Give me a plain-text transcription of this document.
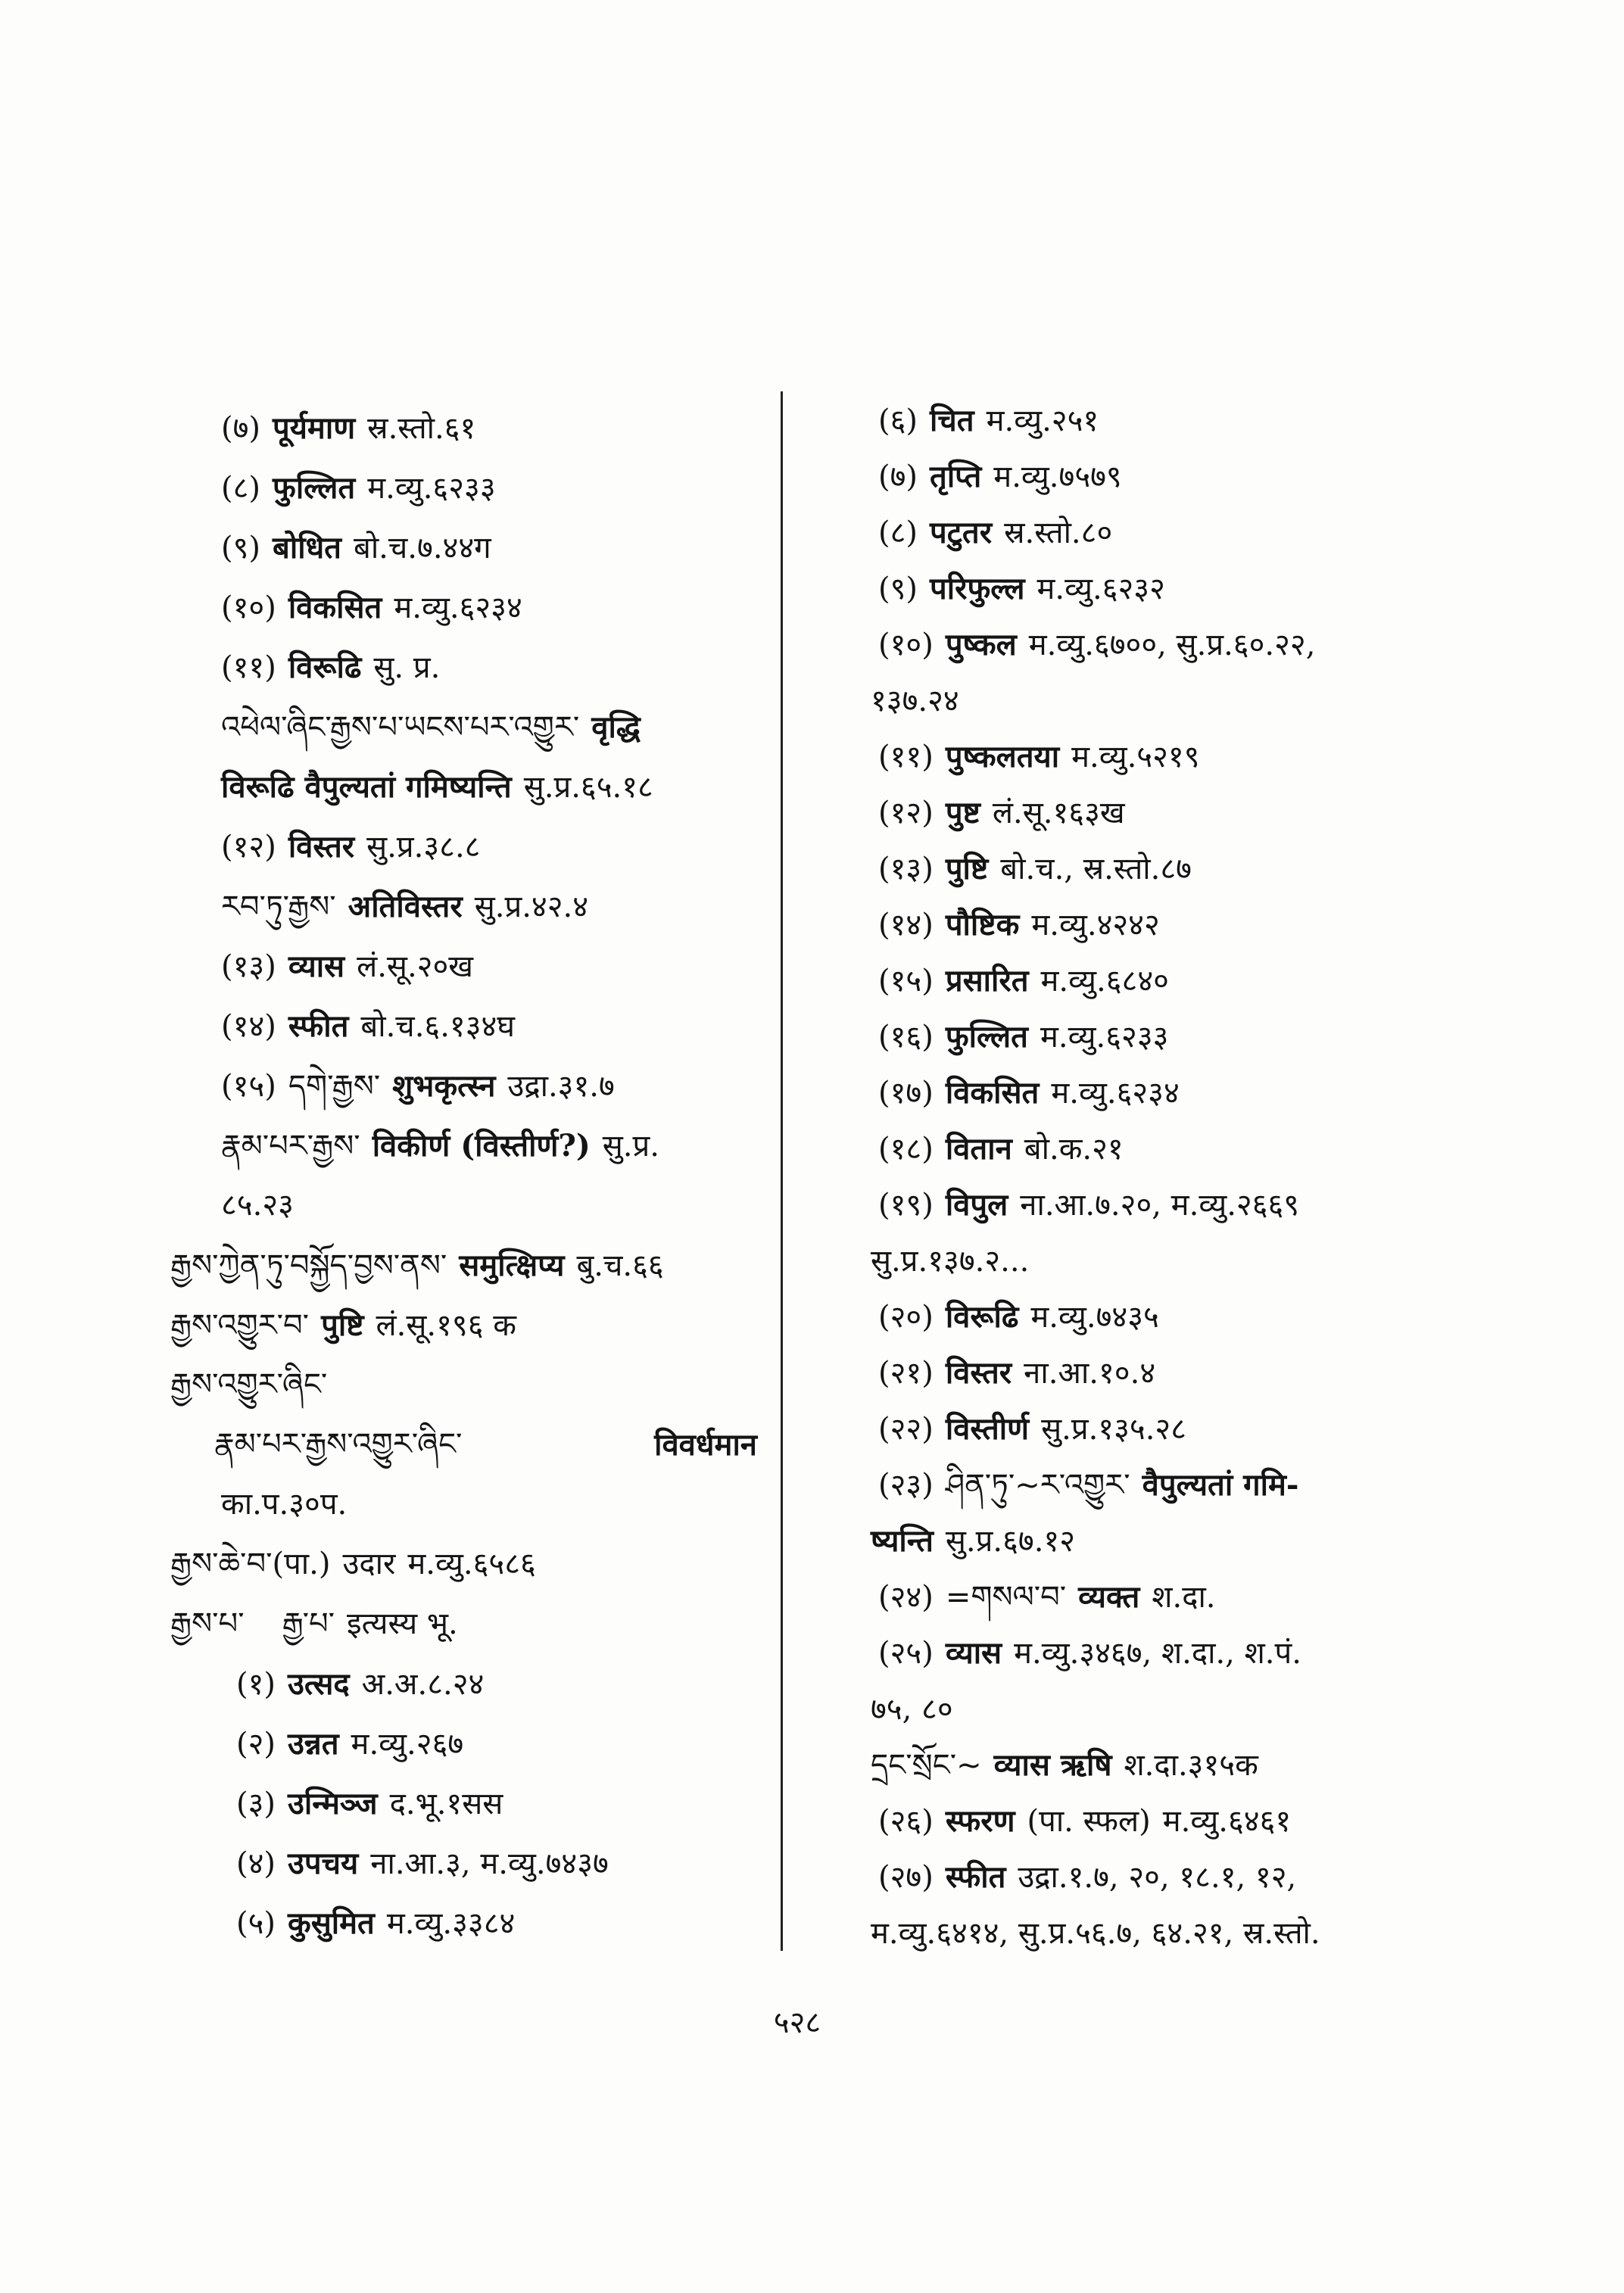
(७) पूर्यमाण स्र.स्तो.६१
(८) फुल्लित म.व्यु.६२३३
(९) बोधित बो.च.७.४४ग
(१०) विकसित म.व्यु.६२३४
(११) विरूढि सु. प्र.
འཕེལ་ཞིང་རྒྱས་པ་ཡངས་པར་འགྱུར་ वृद्धि
विरूढि वैपुल्यतां गमिष्यन्ति सु.प्र.६५.१८
(१२) विस्तर सु.प्र.३८.८
རབ་ཏུ་རྒྱས་ अतिविस्तर सु.प्र.४२.४
(१३) व्यास लं.सू.२०ख
(१४) स्फीत बो.च.६.१३४घ
(१५) དགེ་རྒྱས་ शुभकृत्स्न उद्रा.३१.७
རྣམ་པར་རྒྱས་ विकीर्ण (विस्तीर्ण?) सु.प्र.
८५.२३
རྒྱས་ཀྱེན་ཏུ་བསྐྱོད་བྱས་ནས་ समुत्क्षिप्य बु.च.६६
རྒྱས་འགྱུར་བ་ पुष्टि लं.सू.१९६ क
རྒྱས་འགྱུར་ཞིང་
རྣམ་པར་རྒྱས་འགྱུར་ཞིང་	विवर्धमान
का.प.३०प.
རྒྱས་ཆེ་བ་(पा.) उदार म.व्यु.६५८६
རྒྱས་པ་ རྒྱ་པ་ इत्यस्य भू.
(१) उत्सद अ.अ.८.२४
(२) उन्नत म.व्यु.२६७
(३) उन्मिञ्ज द.भू.१सस
(४) उपचय ना.आ.३, म.व्यु.७४३७
(५) कुसुमित म.व्यु.३३८४
(६) चित म.व्यु.२५१
(७) तृप्ति म.व्यु.७५७९
(८) पटुतर स्र.स्तो.८०
(९) परिफुल्ल म.व्यु.६२३२
(१०) पुष्कल म.व्यु.६७००, सु.प्र.६०.२२,
१३७.२४
(११) पुष्कलतया म.व्यु.५२१९
(१२) पुष्ट लं.सू.१६३ख
(१३) पुष्टि बो.च., स्र.स्तो.८७
(१४) पौष्टिक म.व्यु.४२४२
(१५) प्रसारित म.व्यु.६८४०
(१६) फुल्लित म.व्यु.६२३३
(१७) विकसित म.व्यु.६२३४
(१८) वितान बो.क.२१
(१९) विपुल ना.आ.७.२०, म.व्यु.२६६९
सु.प्र.१३७.२...
(२०) विरूढि म.व्यु.७४३५
(२१) विस्तर ना.आ.१०.४
(२२) विस्तीर्ण सु.प्र.१३५.२८
(२३) ཤིན་ཏུ་~ར་འགྱུར་ वैपुल्यतां गमि-
ष्यन्ति सु.प्र.६७.१२
(२४) =གསལ་བ་ व्यक्त श.दा.
(२५) व्यास म.व्यु.३४६७, श.दा., श.पं.
७५, ८०
དྲང་སྲོང་~ व्यास ऋषि श.दा.३१५क
(२६) स्फरण (पा. स्फल) म.व्यु.६४६१
(२७) स्फीत उद्रा.१.७, २०, १८.१, १२,
म.व्यु.६४१४, सु.प्र.५६.७, ६४.२१, स्र.स्तो.
५२८
